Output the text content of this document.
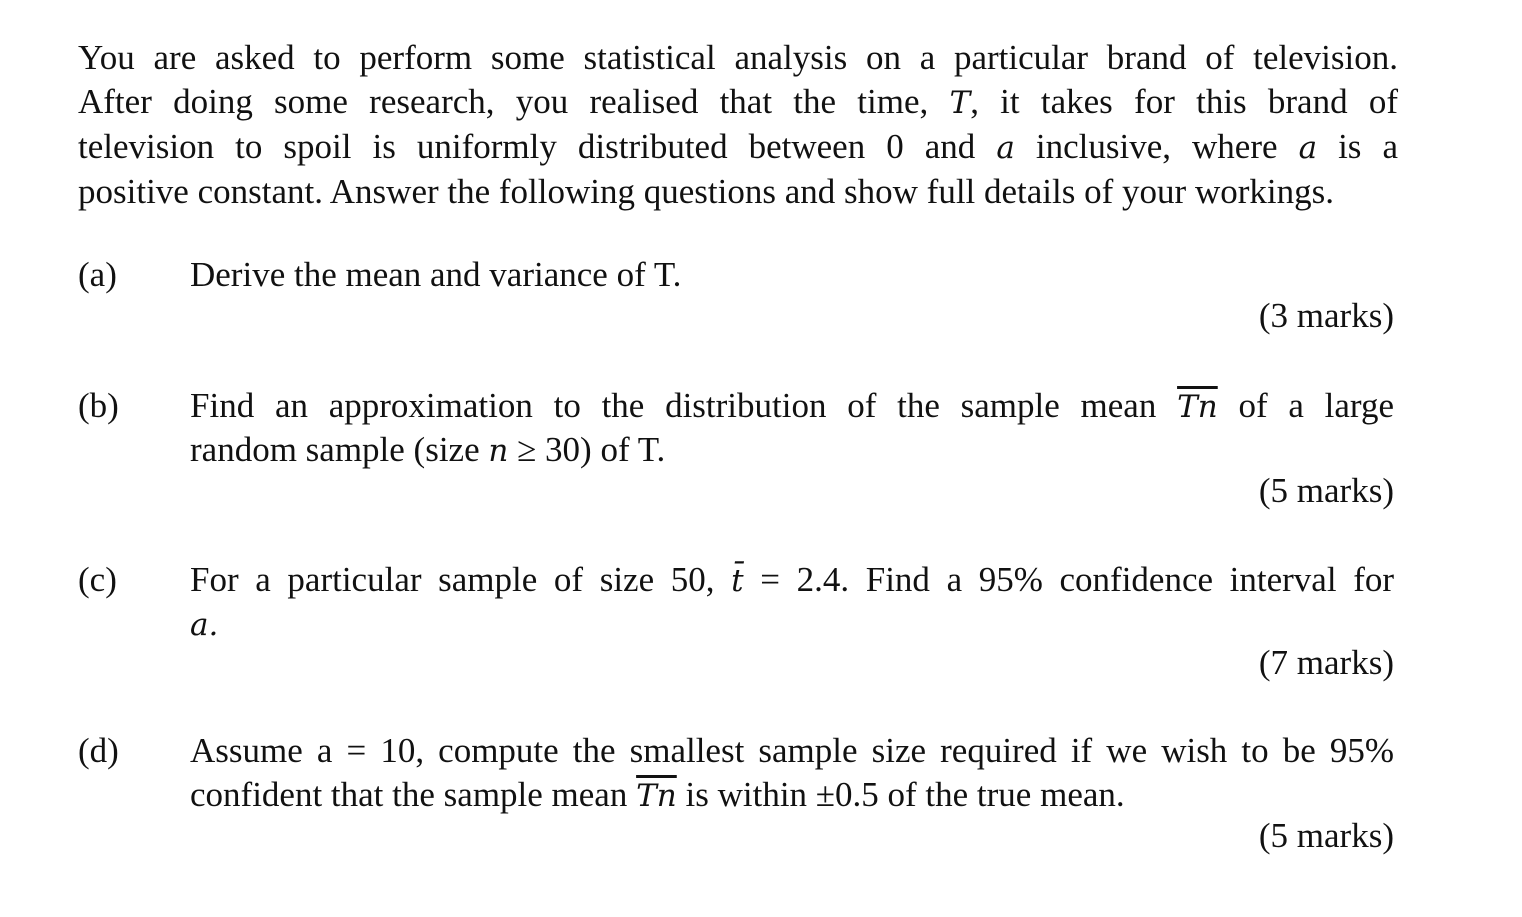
You are asked to perform some statistical analysis on a particular brand of television.

After doing some research, you realised that the time, T, it takes for this brand of

television to spoil is uniformly distributed between 0 and a inclusive, where a is a

positive constant. Answer the following questions and show full details of your workings.

(a) Derive the mean and variance of T.
(3 marks)
(b) Find an approximation to the distribution of the sample mean $\overline{Tn}$ of a large
random sample (size n ≥ 30) of T.
(5 marks)
(c) For a particular sample of size 50, t̄ = 2.4. Find a 95% confidence interval for
a.
(7 marks)
(d) Assume a = 10, compute the smallest sample size required if we wish to be 95%
confident that the sample mean $\overline{Tn}$ is within ±0.5 of the true mean.
(5 marks)
